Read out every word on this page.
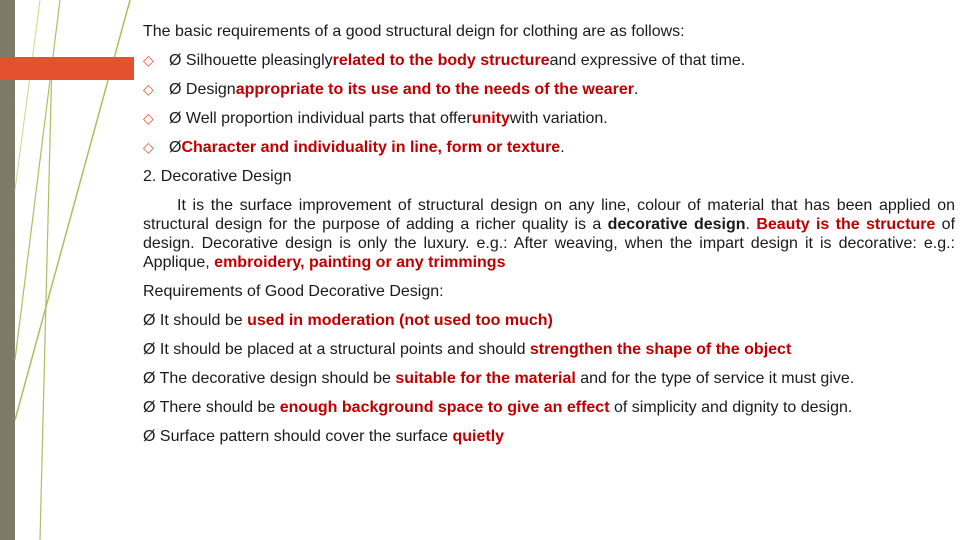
The basic requirements of a good structural deign for clothing are as follows:
◇ Ø Silhouette pleasingly related to the body structure and expressive of that time.
◇ Ø Design appropriate to its use and to the needs of the wearer .
◇ Ø Well proportion individual parts that offer unity with variation.
◇ Ø Character and individuality in line, form or texture .
2. Decorative Design
It is the surface improvement of structural design on any line, colour of material that has been applied on structural design for the purpose of adding a richer quality is a decorative design. Beauty is the structure of design. Decorative design is only the luxury. e.g.: After weaving, when the impart design it is decorative: e.g.: Applique, embroidery, painting or any trimmings
Requirements of Good Decorative Design:
Ø It should be used in moderation (not used too much)
Ø It should be placed at a structural points and should strengthen the shape of the object
Ø The decorative design should be suitable for the material and for the type of service it must give.
Ø There should be enough background space to give an effect of simplicity and dignity to design.
Ø Surface pattern should cover the surface quietly
